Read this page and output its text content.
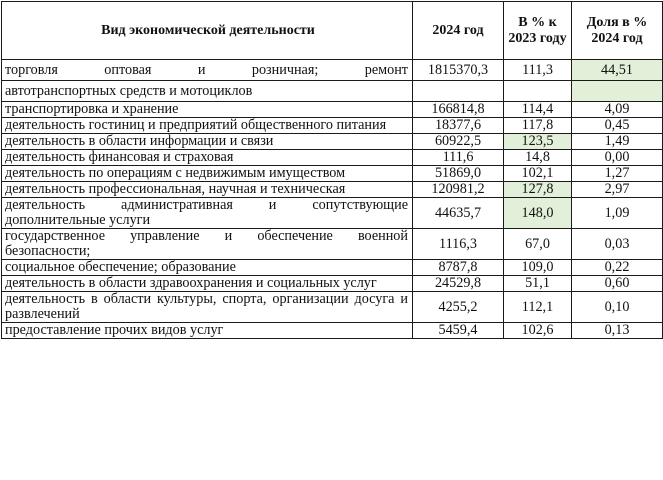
Вид экономической деятельности	2024 год	В % к 2023 году	Доля в % 2024 год
торговля оптовая и розничная; ремонт	1815370,3	111,3	44,51
автотранспортных средств и мотоциклов			
транспортировка и хранение	166814,8	114,4	4,09
деятельность гостиниц и предприятий общественного питания	18377,6	117,8	0,45
деятельность в области информации и связи	60922,5	123,5	1,49
деятельность финансовая и страховая	111,6	14,8	0,00
деятельность по операциям с недвижимым имуществом	51869,0	102,1	1,27
деятельность профессиональная, научная и техническая	120981,2	127,8	2,97
деятельность административная и сопутствующие дополнительные услуги	44635,7	148,0	1,09
государственное управление и обеспечение военной безопасности;	1116,3	67,0	0,03
социальное обеспечение; образование	8787,8	109,0	0,22
деятельность в области здравоохранения и социальных услуг	24529,8	51,1	0,60
деятельность в области культуры, спорта, организации досуга и развлечений	4255,2	112,1	0,10
предоставление прочих видов услуг	5459,4	102,6	0,13
